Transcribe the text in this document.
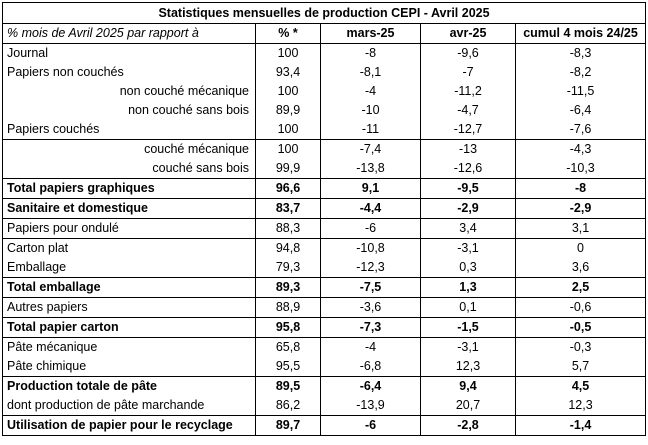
Statistiques mensuelles de production CEPI - Avril 2025				
% mois de Avril 2025 par rapport à	% *	mars-25	avr-25	cumul 4 mois 24/25
Journal	100	-8	-9,6	-8,3
Papiers non couchés	93,4	-8,1	-7	-8,2
non couché mécanique	100	-4	-11,2	-11,5
non couché sans bois	89,9	-10	-4,7	-6,4
Papiers couchés	100	-11	-12,7	-7,6
couché mécanique	100	-7,4	-13	-4,3
couché sans bois	99,9	-13,8	-12,6	-10,3
Total papiers graphiques	96,6	9,1	-9,5	-8
Sanitaire et domestique	83,7	-4,4	-2,9	-2,9
Papiers pour ondulé	88,3	-6	3,4	3,1
Carton plat	94,8	-10,8	-3,1	0
Emballage	79,3	-12,3	0,3	3,6
Total emballage	89,3	-7,5	1,3	2,5
Autres papiers	88,9	-3,6	0,1	-0,6
Total papier carton	95,8	-7,3	-1,5	-0,5
Pâte mécanique	65,8	-4	-3,1	-0,3
Pâte chimique	95,5	-6,8	12,3	5,7
Production totale de pâte	89,5	-6,4	9,4	4,5
dont production de pâte marchande	86,2	-13,9	20,7	12,3
Utilisation de papier pour le recyclage	89,7	-6	-2,8	-1,4
